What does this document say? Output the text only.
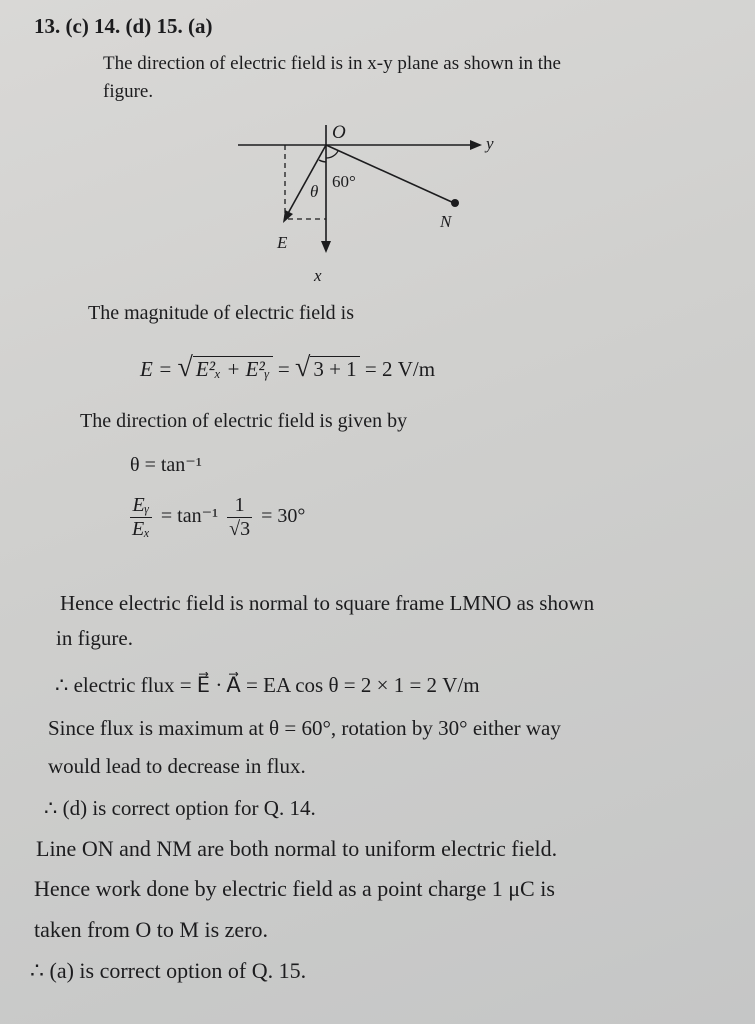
13. (c) 14. (d) 15. (a)
The direction of electric field is in x-y plane as shown in the
figure.
y
x
O
N
E
60°
θ
The magnitude of electric field is
E = √ E²ₓ + E²ᵧ = √ 3 + 1 = 2 V/m
The direction of electric field is given by
θ = tan⁻¹
$\frac{\text{Eᵧ}}{\text{Eₓ}} = \tan^{-1} \frac{1}{√3} = 30^\circ$
Hence electric field is normal to square frame LMNO as shown
in figure.
∴ electric flux = E⃗ · A⃗ = EA cos θ = 2 × 1 = 2 V/m
Since flux is maximum at θ = 60°, rotation by 30° either way
would lead to decrease in flux.
∴ (d) is correct option for Q. 14.
Line ON and NM are both normal to uniform electric field.
Hence work done by electric field as a point charge 1 μC is
taken from O to M is zero.
∴ (a) is correct option of Q. 15.
